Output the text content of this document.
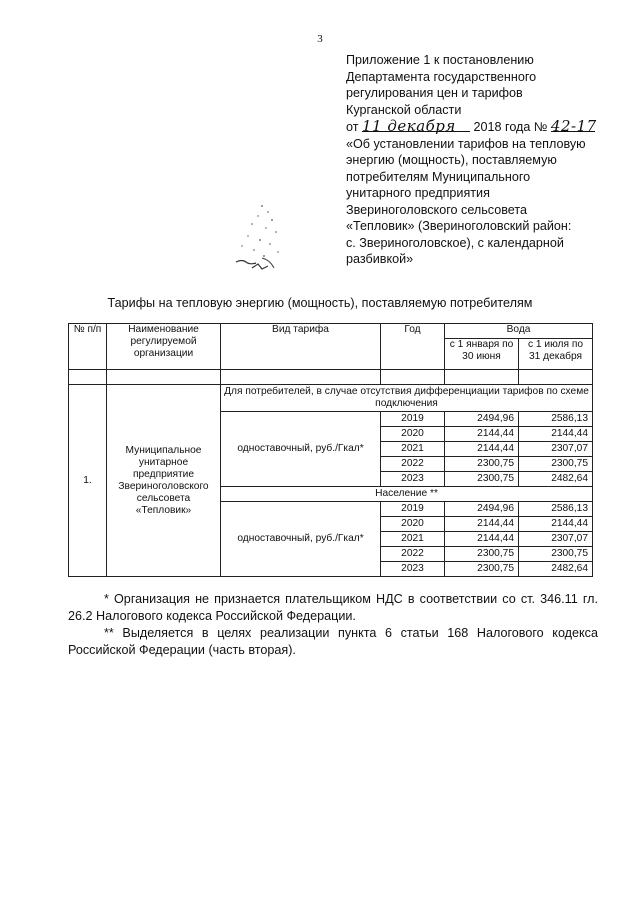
3
Приложение 1 к постановлению
Департамента государственного
регулирования цен и тарифов
Курганской области
от 11 декабря 2018 года № 42-17
«Об установлении тарифов на тепловую
энергию (мощность), поставляемую
потребителям Муниципального
унитарного предприятия
Звериноголовского сельсовета
«Тепловик» (Звериноголовский район:
с. Звериноголовское), с календарной
разбивкой»
Тарифы на тепловую энергию (мощность), поставляемую потребителям
№ п/п	Наименование регулируемой организации	Вид тарифа	Год	Вода	
				с 1 января по 30 июня	с 1 июля по 31 декабря

1.	Муниципальное унитарное предприятие Звериноголовского сельсовета «Тепловик»	Для потребителей, в случае отсутствия дифференциации тарифов по схеме подключения			
		одноставочный, руб./Гкал*	2019	2494,96	2586,13
			2020	2144,44	2144,44
			2021	2144,44	2307,07
			2022	2300,75	2300,75
			2023	2300,75	2482,64
		Население **			
		одноставочный, руб./Гкал*	2019	2494,96	2586,13
			2020	2144,44	2144,44
			2021	2144,44	2307,07
			2022	2300,75	2300,75
			2023	2300,75	2482,64

* Организация не признается плательщиком НДС в соответствии со ст. 346.11 гл. 26.2 Налогового кодекса Российской Федерации.

** Выделяется в целях реализации пункта 6 статьи 168 Налогового кодекса Российской Федерации (часть вторая).
